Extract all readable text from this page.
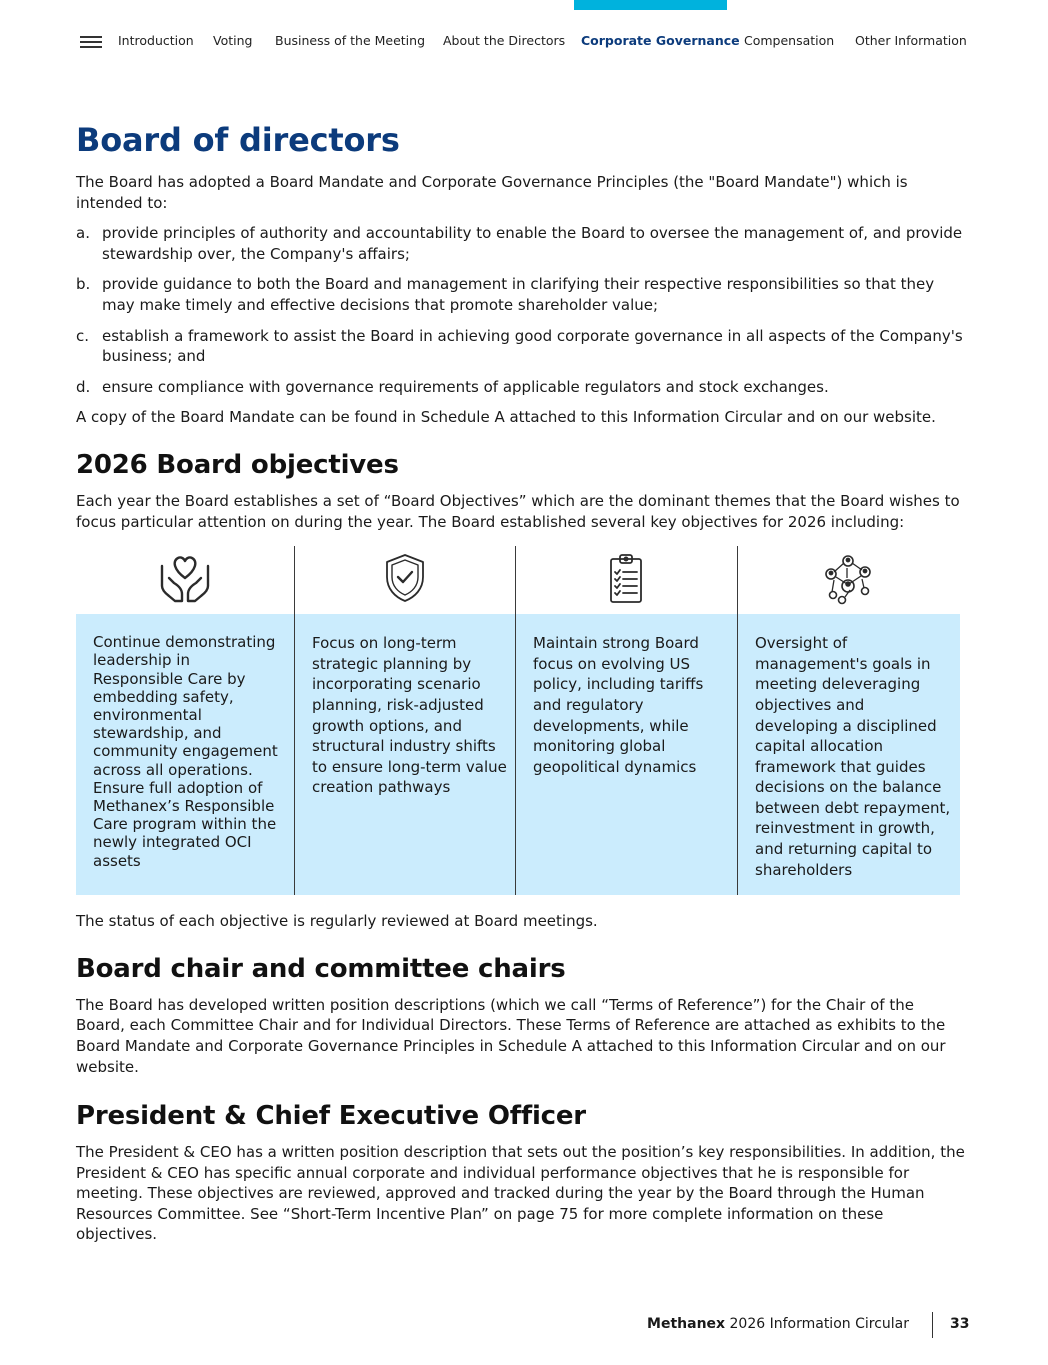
Introduction Voting Business of the Meeting About the Directors Corporate Governance Compensation Other Information
Board of directors

The Board has adopted a Board Mandate and Corporate Governance Principles (the "Board Mandate") which is intended to:

a. provide principles of authority and accountability to enable the Board to oversee the management of, and provide stewardship over, the Company's affairs;
b. provide guidance to both the Board and management in clarifying their respective responsibilities so that they may make timely and effective decisions that promote shareholder value;
c. establish a framework to assist the Board in achieving good corporate governance in all aspects of the Company's business; and
d. ensure compliance with governance requirements of applicable regulators and stock exchanges.

A copy of the Board Mandate can be found in Schedule A attached to this Information Circular and on our website.

2026 Board objectives

Each year the Board establishes a set of “Board Objectives” which are the dominant themes that the Board wishes to focus particular attention on during the year. The Board established several key objectives for 2026 including:

Continue demonstrating leadership in Responsible Care by embedding safety, environmental stewardship, and community engagement across all operations. Ensure full adoption of Methanex’s Responsible Care program within the newly integrated OCI assets
Focus on long-term strategic planning by incorporating scenario planning, risk-adjusted growth options, and structural industry shifts to ensure long-term value creation pathways
Maintain strong Board focus on evolving US policy, including tariffs and regulatory developments, while monitoring global geopolitical dynamics
Oversight of management's goals in meeting deleveraging objectives and developing a disciplined capital allocation framework that guides decisions on the balance between debt repayment, reinvestment in growth, and returning capital to shareholders

The status of each objective is regularly reviewed at Board meetings.

Board chair and committee chairs

The Board has developed written position descriptions (which we call “Terms of Reference”) for the Chair of the Board, each Committee Chair and for Individual Directors. These Terms of Reference are attached as exhibits to the Board Mandate and Corporate Governance Principles in Schedule A attached to this Information Circular and on our website.

President & Chief Executive Officer

The President & CEO has a written position description that sets out the position’s key responsibilities. In addition, the President & CEO has specific annual corporate and individual performance objectives that he is responsible for meeting. These objectives are reviewed, approved and tracked during the year by the Board through the Human Resources Committee. See “Short-Term Incentive Plan” on page 75 for more complete information on these objectives.

Methanex 2026 Information Circular	33
